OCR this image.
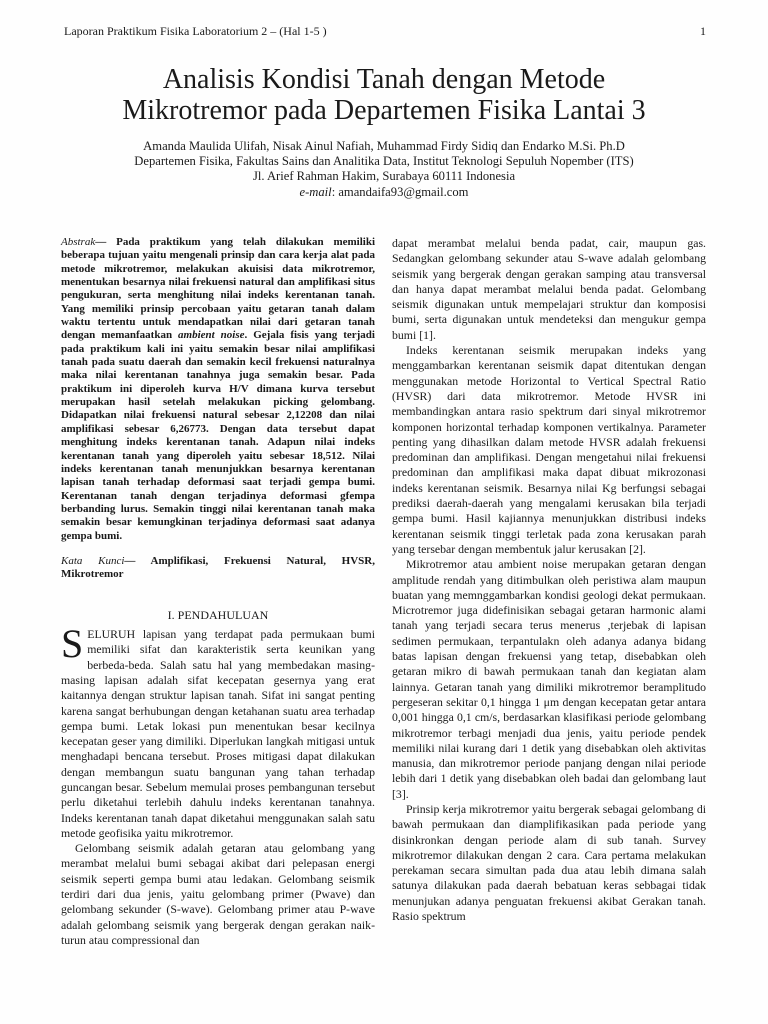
Laporan Praktikum Fisika Laboratorium 2 – (Hal 1-5 )	1
Analisis Kondisi Tanah dengan Metode
Mikrotremor pada Departemen Fisika Lantai 3
Amanda Maulida Ulifah, Nisak Ainul Nafiah, Muhammad Firdy Sidiq dan Endarko M.Si. Ph.D
Departemen Fisika, Fakultas Sains dan Analitika Data, Institut Teknologi Sepuluh Nopember (ITS)
Jl. Arief Rahman Hakim, Surabaya 60111 Indonesia
e-mail: amandaifa93@gmail.com
Abstrak— Pada praktikum yang telah dilakukan memiliki beberapa tujuan yaitu mengenali prinsip dan cara kerja alat pada metode mikrotremor, melakukan akuisisi data mikrotremor, menentukan besarnya nilai frekuensi natural dan amplifikasi situs pengukuran, serta menghitung nilai indeks kerentanan tanah. Yang memiliki prinsip percobaan yaitu getaran tanah dalam waktu tertentu untuk mendapatkan nilai dari getaran tanah dengan memanfaatkan ambient noise. Gejala fisis yang terjadi pada praktikum kali ini yaitu semakin besar nilai amplifikasi tanah pada suatu daerah dan semakin kecil frekuensi naturalnya maka nilai kerentanan tanahnya juga semakin besar. Pada praktikum ini diperoleh kurva H/V dimana kurva tersebut merupakan hasil setelah melakukan picking gelombang. Didapatkan nilai frekuensi natural sebesar 2,12208 dan nilai amplifikasi sebesar 6,26773. Dengan data tersebut dapat menghitung indeks kerentanan tanah. Adapun nilai indeks kerentanan tanah yang diperoleh yaitu sebesar 18,512. Nilai indeks kerentanan tanah menunjukkan besarnya kerentanan lapisan tanah terhadap deformasi saat terjadi gempa bumi. Kerentanan tanah dengan terjadinya deformasi gfempa berbanding lurus. Semakin tinggi nilai kerentanan tanah maka semakin besar kemungkinan terjadinya deformasi saat adanya gempa bumi.
Kata Kunci— Amplifikasi, Frekuensi Natural, HVSR, Mikrotremor
I. PENDAHULUAN

SELURUH lapisan yang terdapat pada permukaan bumi memiliki sifat dan karakteristik serta keunikan yang berbeda-beda. Salah satu hal yang membedakan masing-masing lapisan adalah sifat kecepatan gesernya yang erat kaitannya dengan struktur lapisan tanah. Sifat ini sangat penting karena sangat berhubungan dengan ketahanan suatu area terhadap gempa bumi. Letak lokasi pun menentukan besar kecilnya kecepatan geser yang dimiliki. Diperlukan langkah mitigasi untuk menghadapi bencana tersebut. Proses mitigasi dapat dilakukan dengan membangun suatu bangunan yang tahan terhadap guncangan besar. Sebelum memulai proses pembangunan tersebut perlu diketahui terlebih dahulu indeks kerentanan tanahnya. Indeks kerentanan tanah dapat diketahui menggunakan salah satu metode geofisika yaitu mikrotremor.

Gelombang seismik adalah getaran atau gelombang yang merambat melalui bumi sebagai akibat dari pelepasan energi seismik seperti gempa bumi atau ledakan. Gelombang seismik terdiri dari dua jenis, yaitu gelombang primer (Pwave) dan gelombang sekunder (S-wave). Gelombang primer atau P-wave adalah gelombang seismik yang bergerak dengan gerakan naik-turun atau compressional dan

dapat merambat melalui benda padat, cair, maupun gas. Sedangkan gelombang sekunder atau S-wave adalah gelombang seismik yang bergerak dengan gerakan samping atau transversal dan hanya dapat merambat melalui benda padat. Gelombang seismik digunakan untuk mempelajari struktur dan komposisi bumi, serta digunakan untuk mendeteksi dan mengukur gempa bumi [1].

Indeks kerentanan seismik merupakan indeks yang menggambarkan kerentanan seismik dapat ditentukan dengan menggunakan metode Horizontal to Vertical Spectral Ratio (HVSR) dari data mikrotremor. Metode HVSR ini membandingkan antara rasio spektrum dari sinyal mikrotremor komponen horizontal terhadap komponen vertikalnya. Parameter penting yang dihasilkan dalam metode HVSR adalah frekuensi predominan dan amplifikasi. Dengan mengetahui nilai frekuensi predominan dan amplifikasi maka dapat dibuat mikrozonasi indeks kerentanan seismik. Besarnya nilai Kg berfungsi sebagai prediksi daerah-daerah yang mengalami kerusakan bila terjadi gempa bumi. Hasil kajiannya menunjukkan distribusi indeks kerentanan seismik tinggi terletak pada zona kerusakan parah yang tersebar dengan membentuk jalur kerusakan [2].

Mikrotremor atau ambient noise merupakan getaran dengan amplitude rendah yang ditimbulkan oleh peristiwa alam maupun buatan yang memnggambarkan kondisi geologi dekat permukaan. Microtremor juga didefinisikan sebagai getaran harmonic alami tanah yang terjadi secara terus menerus ,terjebak di lapisan sedimen permukaan, terpantulakn oleh adanya adanya bidang batas lapisan dengan frekuensi yang tetap, disebabkan oleh getaran mikro di bawah permukaan tanah dan kegiatan alam lainnya. Getaran tanah yang dimiliki mikrotremor beramplitudo pergeseran sekitar 0,1 hingga 1 μm dengan kecepatan getar antara 0,001 hingga 0,1 cm/s, berdasarkan klasifikasi periode gelombang mikrotremor terbagi menjadi dua jenis, yaitu periode pendek memiliki nilai kurang dari 1 detik yang disebabkan oleh aktivitas manusia, dan mikrotremor periode panjang dengan nilai periode lebih dari 1 detik yang disebabkan oleh badai dan gelombang laut [3].

Prinsip kerja mikrotremor yaitu bergerak sebagai gelombang di bawah permukaan dan diamplifikasikan pada periode yang disinkronkan dengan periode alam di sub tanah. Survey mikrotremor dilakukan dengan 2 cara. Cara pertama melakukan perekaman secara simultan pada dua atau lebih dimana salah satunya dilakukan pada daerah bebatuan keras sebbagai tidak menunjukan adanya penguatan frekuensi akibat Gerakan tanah. Rasio spektrum
